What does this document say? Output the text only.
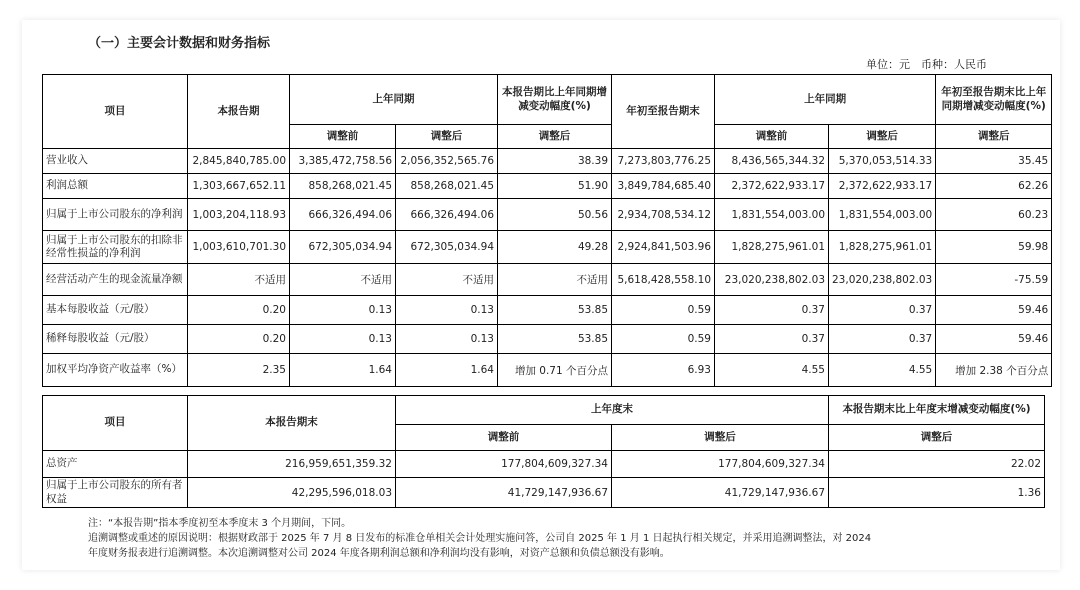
（一）主要会计数据和财务指标
单位：元　币种：人民币
项目	本报告期	上年同期		本报告期比上年同期增减变动幅度(%)	年初至报告期末	上年同期		年初至报告期末比上年同期增减变动幅度(%)
		调整前	调整后	调整后		调整前	调整后	调整后
营业收入	2,845,840,785.00	3,385,472,758.56	2,056,352,565.76	38.39	7,273,803,776.25	8,436,565,344.32	5,370,053,514.33	35.45
利润总额	1,303,667,652.11	858,268,021.45	858,268,021.45	51.90	3,849,784,685.40	2,372,622,933.17	2,372,622,933.17	62.26
归属于上市公司股东的净利润	1,003,204,118.93	666,326,494.06	666,326,494.06	50.56	2,934,708,534.12	1,831,554,003.00	1,831,554,003.00	60.23
归属于上市公司股东的扣除非经常性损益的净利润	1,003,610,701.30	672,305,034.94	672,305,034.94	49.28	2,924,841,503.96	1,828,275,961.01	1,828,275,961.01	59.98
经营活动产生的现金流量净额	不适用	不适用	不适用	不适用	5,618,428,558.10	23,020,238,802.03	23,020,238,802.03	-75.59
基本每股收益（元/股）	0.20	0.13	0.13	53.85	0.59	0.37	0.37	59.46
稀释每股收益（元/股）	0.20	0.13	0.13	53.85	0.59	0.37	0.37	59.46
加权平均净资产收益率（%）	2.35	1.64	1.64	增加 0.71 个百分点	6.93	4.55	4.55	增加 2.38 个百分点
项目	本报告期末	上年度末		本报告期末比上年度末增减变动幅度(%)
		调整前	调整后	调整后
总资产	216,959,651,359.32	177,804,609,327.34	177,804,609,327.34	22.02
归属于上市公司股东的所有者权益	42,295,596,018.03	41,729,147,936.67	41,729,147,936.67	1.36
注：“本报告期”指本季度初至本季度末 3 个月期间，下同。
追溯调整或重述的原因说明：根据财政部于 2025 年 7 月 8 日发布的标准仓单相关会计处理实施问答，公司自 2025 年 1 月 1 日起执行相关规定，并采用追溯调整法，对 2024
年度财务报表进行追溯调整。本次追溯调整对公司 2024 年度各期利润总额和净利润均没有影响，对资产总额和负债总额没有影响。
